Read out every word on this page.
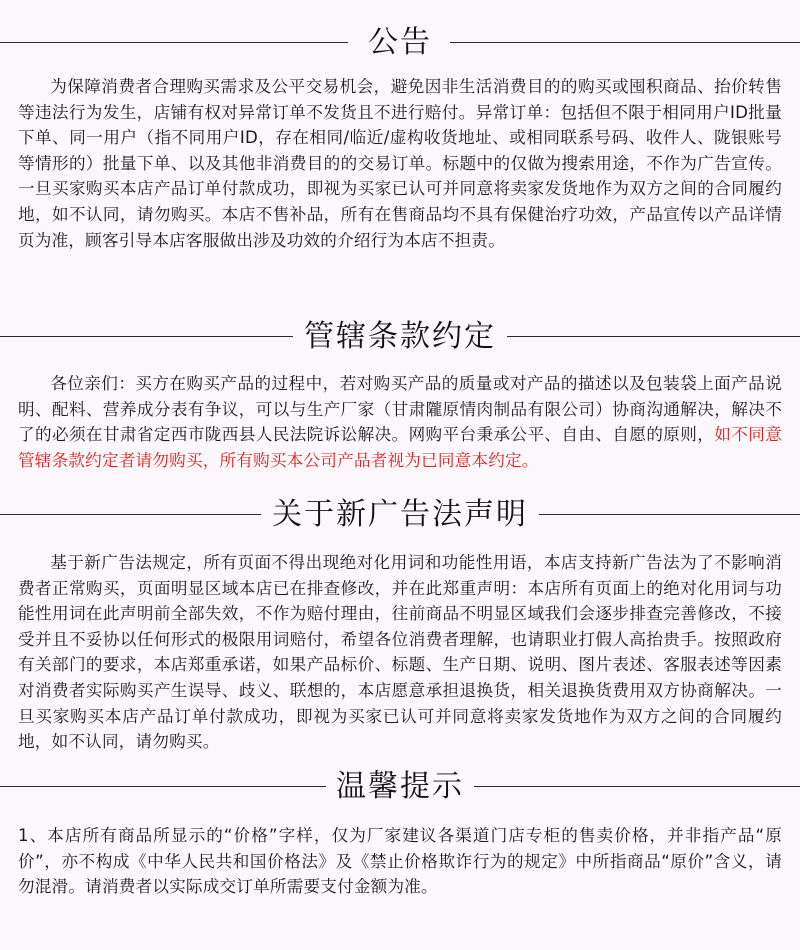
公告
为保障消费者合理购买需求及公平交易机会，避免因非生活消费目的的购买或囤积商品、抬价转售等违法行为发生，店铺有权对异常订单不发货且不进行赔付。异常订单：包括但不限于相同用户ID批量下单、同一用户（指不同用户ID，存在相同/临近/虚构收货地址、或相同联系号码、收件人、陇银账号等情形的）批量下单、以及其他非消费目的的交易订单。标题中的仅做为搜索用途，不作为广告宣传。一旦买家购买本店产品订单付款成功，即视为买家已认可并同意将卖家发货地作为双方之间的合同履约地，如不认同，请勿购买。本店不售补品，所有在售商品均不具有保健治疗功效，产品宣传以产品详情页为准，顾客引导本店客服做出涉及功效的介绍行为本店不担责。
管辖条款约定
各位亲们：买方在购买产品的过程中，若对购买产品的质量或对产品的描述以及包装袋上面产品说明、配料、营养成分表有争议，可以与生产厂家（甘肃隴原情肉制品有限公司）协商沟通解决，解决不了的必须在甘肃省定西市陇西县人民法院诉讼解决。网购平台秉承公平、自由、自愿的原则，如不同意管辖条款约定者请勿购买，所有购买本公司产品者视为已同意本约定。
关于新广告法声明
基于新广告法规定，所有页面不得出现绝对化用词和功能性用语，本店支持新广告法为了不影响消费者正常购买，页面明显区域本店已在排查修改，并在此郑重声明：本店所有页面上的绝对化用词与功能性用词在此声明前全部失效，不作为赔付理由，往前商品不明显区域我们会逐步排查完善修改，不接受并且不妥协以任何形式的极限用词赔付，希望各位消费者理解，也请职业打假人高抬贵手。按照政府有关部门的要求，本店郑重承诺，如果产品标价、标题、生产日期、说明、图片表述、客服表述等因素对消费者实际购买产生误导、歧义、联想的，本店愿意承担退换货，相关退换货费用双方协商解决。一旦买家购买本店产品订单付款成功，即视为买家已认可并同意将卖家发货地作为双方之间的合同履约地，如不认同，请勿购买。
温馨提示
1、本店所有商品所显示的“价格”字样，仅为厂家建议各渠道门店专柜的售卖价格，并非指产品“原价”，亦不构成《中华人民共和国价格法》及《禁止价格欺诈行为的规定》中所指商品“原价”含义，请勿混滑。请消费者以实际成交订单所需要支付金额为准。
